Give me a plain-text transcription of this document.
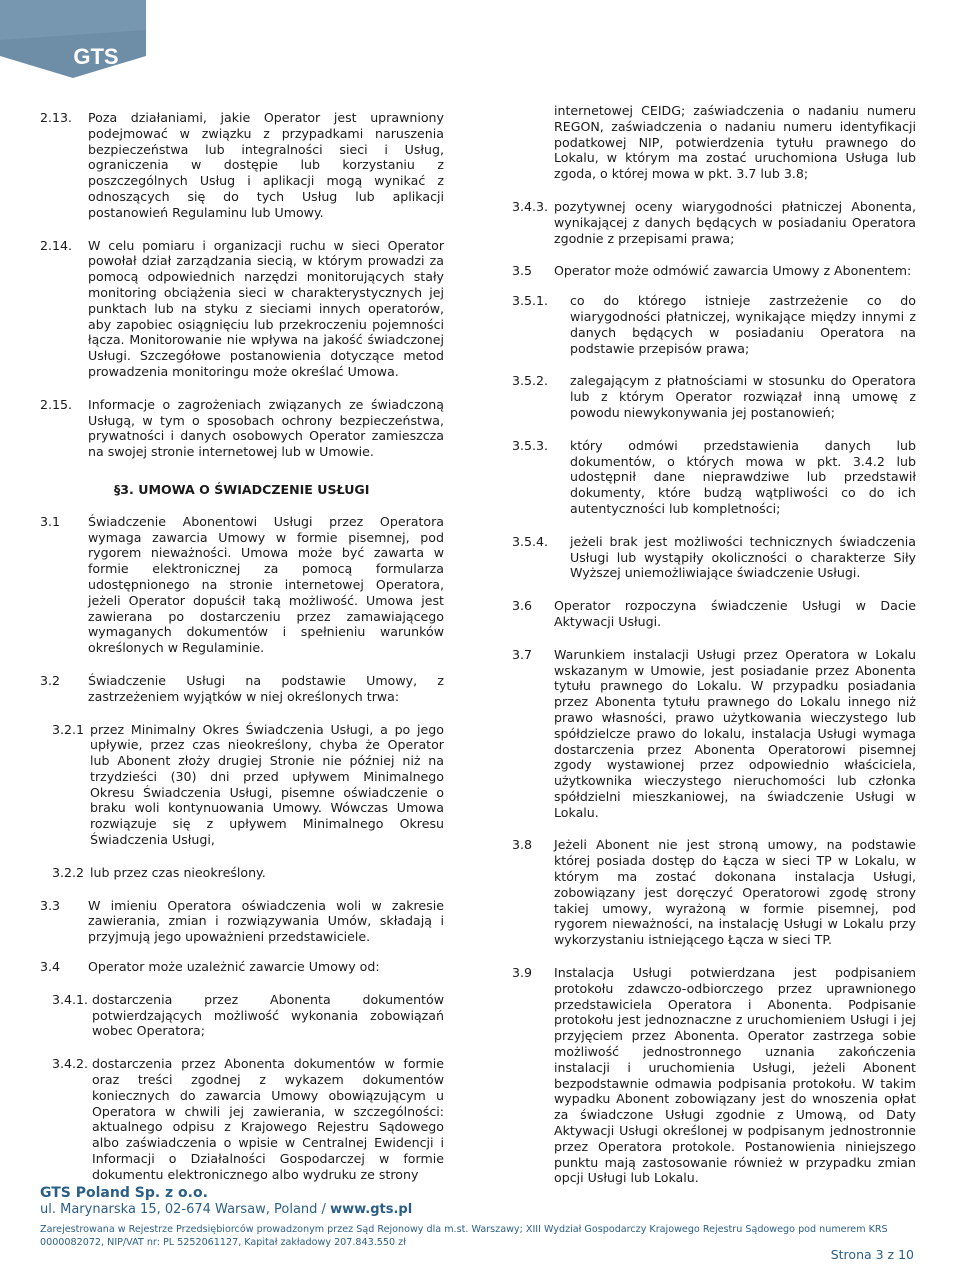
GTS
2.13. Poza działaniami, jakie Operator jest uprawniony podejmować w związku z przypadkami naruszenia bezpieczeństwa lub integralności sieci i Usług, ograniczenia w dostępie lub korzystaniu z poszczególnych Usług i aplikacji mogą wynikać z odnoszących się do tych Usług lub aplikacji postanowień Regulaminu lub Umowy.
2.14. W celu pomiaru i organizacji ruchu w sieci Operator powołał dział zarządzania siecią, w którym prowadzi za pomocą odpowiednich narzędzi monitorujących stały monitoring obciążenia sieci w charakterystycznych jej punktach lub na styku z sieciami innych operatorów, aby zapobiec osiągnięciu lub przekroczeniu pojemności łącza. Monitorowanie nie wpływa na jakość świadczonej Usługi. Szczegółowe postanowienia dotyczące metod prowadzenia monitoringu może określać Umowa.
2.15. Informacje o zagrożeniach związanych ze świadczoną Usługą, w tym o sposobach ochrony bezpieczeństwa, prywatności i danych osobowych Operator zamieszcza na swojej stronie internetowej lub w Umowie.
§3. UMOWA O ŚWIADCZENIE USŁUGI
3.1 Świadczenie Abonentowi Usługi przez Operatora wymaga zawarcia Umowy w formie pisemnej, pod rygorem nieważności. Umowa może być zawarta w formie elektronicznej za pomocą formularza udostępnionego na stronie internetowej Operatora, jeżeli Operator dopuścił taką możliwość. Umowa jest zawierana po dostarczeniu przez zamawiającego wymaganych dokumentów i spełnieniu warunków określonych w Regulaminie.
3.2 Świadczenie Usługi na podstawie Umowy, z zastrzeżeniem wyjątków w niej określonych trwa:
3.2.1 przez Minimalny Okres Świadczenia Usługi, a po jego upływie, przez czas nieokreślony, chyba że Operator lub Abonent złoży drugiej Stronie nie później niż na trzydzieści (30) dni przed upływem Minimalnego Okresu Świadczenia Usługi, pisemne oświadczenie o braku woli kontynuowania Umowy. Wówczas Umowa rozwiązuje się z upływem Minimalnego Okresu Świadczenia Usługi,
3.2.2 lub przez czas nieokreślony.
3.3 W imieniu Operatora oświadczenia woli w zakresie zawierania, zmian i rozwiązywania Umów, składają i przyjmują jego upoważnieni przedstawiciele.
3.4 Operator może uzależnić zawarcie Umowy od:
3.4.1. dostarczenia przez Abonenta dokumentów potwierdzających możliwość wykonania zobowiązań wobec Operatora;
3.4.2. dostarczenia przez Abonenta dokumentów w formie oraz treści zgodnej z wykazem dokumentów koniecznych do zawarcia Umowy obowiązującym u Operatora w chwili jej zawierania, w szczególności: aktualnego odpisu z Krajowego Rejestru Sądowego albo zaświadczenia o wpisie w Centralnej Ewidencji i Informacji o Działalności Gospodarczej w formie dokumentu elektronicznego albo wydruku ze strony
internetowej CEIDG; zaświadczenia o nadaniu numeru REGON, zaświadczenia o nadaniu numeru identyfikacji podatkowej NIP, potwierdzenia tytułu prawnego do Lokalu, w którym ma zostać uruchomiona Usługa lub zgoda, o której mowa w pkt. 3.7 lub 3.8;
3.4.3. pozytywnej oceny wiarygodności płatniczej Abonenta, wynikającej z danych będących w posiadaniu Operatora zgodnie z przepisami prawa;
3.5 Operator może odmówić zawarcia Umowy z Abonentem:
3.5.1. co do którego istnieje zastrzeżenie co do wiarygodności płatniczej, wynikające między innymi z danych będących w posiadaniu Operatora na podstawie przepisów prawa;
3.5.2. zalegającym z płatnościami w stosunku do Operatora lub z którym Operator rozwiązał inną umowę z powodu niewykonywania jej postanowień;
3.5.3. który odmówi przedstawienia danych lub dokumentów, o których mowa w pkt. 3.4.2 lub udostępnił dane nieprawdziwe lub przedstawił dokumenty, które budzą wątpliwości co do ich autentyczności lub kompletności;
3.5.4. jeżeli brak jest możliwości technicznych świadczenia Usługi lub wystąpiły okoliczności o charakterze Siły Wyższej uniemożliwiające świadczenie Usługi.
3.6 Operator rozpoczyna świadczenie Usługi w Dacie Aktywacji Usługi.
3.7 Warunkiem instalacji Usługi przez Operatora w Lokalu wskazanym w Umowie, jest posiadanie przez Abonenta tytułu prawnego do Lokalu. W przypadku posiadania przez Abonenta tytułu prawnego do Lokalu innego niż prawo własności, prawo użytkowania wieczystego lub spółdzielcze prawo do lokalu, instalacja Usługi wymaga dostarczenia przez Abonenta Operatorowi pisemnej zgody wystawionej przez odpowiednio właściciela, użytkownika wieczystego nieruchomości lub członka spółdzielni mieszkaniowej, na świadczenie Usługi w Lokalu.
3.8 Jeżeli Abonent nie jest stroną umowy, na podstawie której posiada dostęp do Łącza w sieci TP w Lokalu, w którym ma zostać dokonana instalacja Usługi, zobowiązany jest doręczyć Operatorowi zgodę strony takiej umowy, wyrażoną w formie pisemnej, pod rygorem nieważności, na instalację Usługi w Lokalu przy wykorzystaniu istniejącego Łącza w sieci TP.
3.9 Instalacja Usługi potwierdzana jest podpisaniem protokołu zdawczo-odbiorczego przez uprawnionego przedstawiciela Operatora i Abonenta. Podpisanie protokołu jest jednoznaczne z uruchomieniem Usługi i jej przyjęciem przez Abonenta. Operator zastrzega sobie możliwość jednostronnego uznania zakończenia instalacji i uruchomienia Usługi, jeżeli Abonent bezpodstawnie odmawia podpisania protokołu. W takim wypadku Abonent zobowiązany jest do wnoszenia opłat za świadczone Usługi zgodnie z Umową, od Daty Aktywacji Usługi określonej w podpisanym jednostronnie przez Operatora protokole. Postanowienia niniejszego punktu mają zastosowanie również w przypadku zmian opcji Usługi lub Lokalu.
GTS Poland Sp. z o.o.
ul. Marynarska 15, 02-674 Warsaw, Poland / www.gts.pl
Zarejestrowana w Rejestrze Przedsiębiorców prowadzonym przez Sąd Rejonowy dla m.st. Warszawy; XIII Wydział Gospodarczy Krajowego Rejestru Sądowego pod numerem KRS 0000082072, NIP/VAT nr: PL 5252061127, Kapitał zakładowy 207.843.550 zł
Strona 3 z 10
